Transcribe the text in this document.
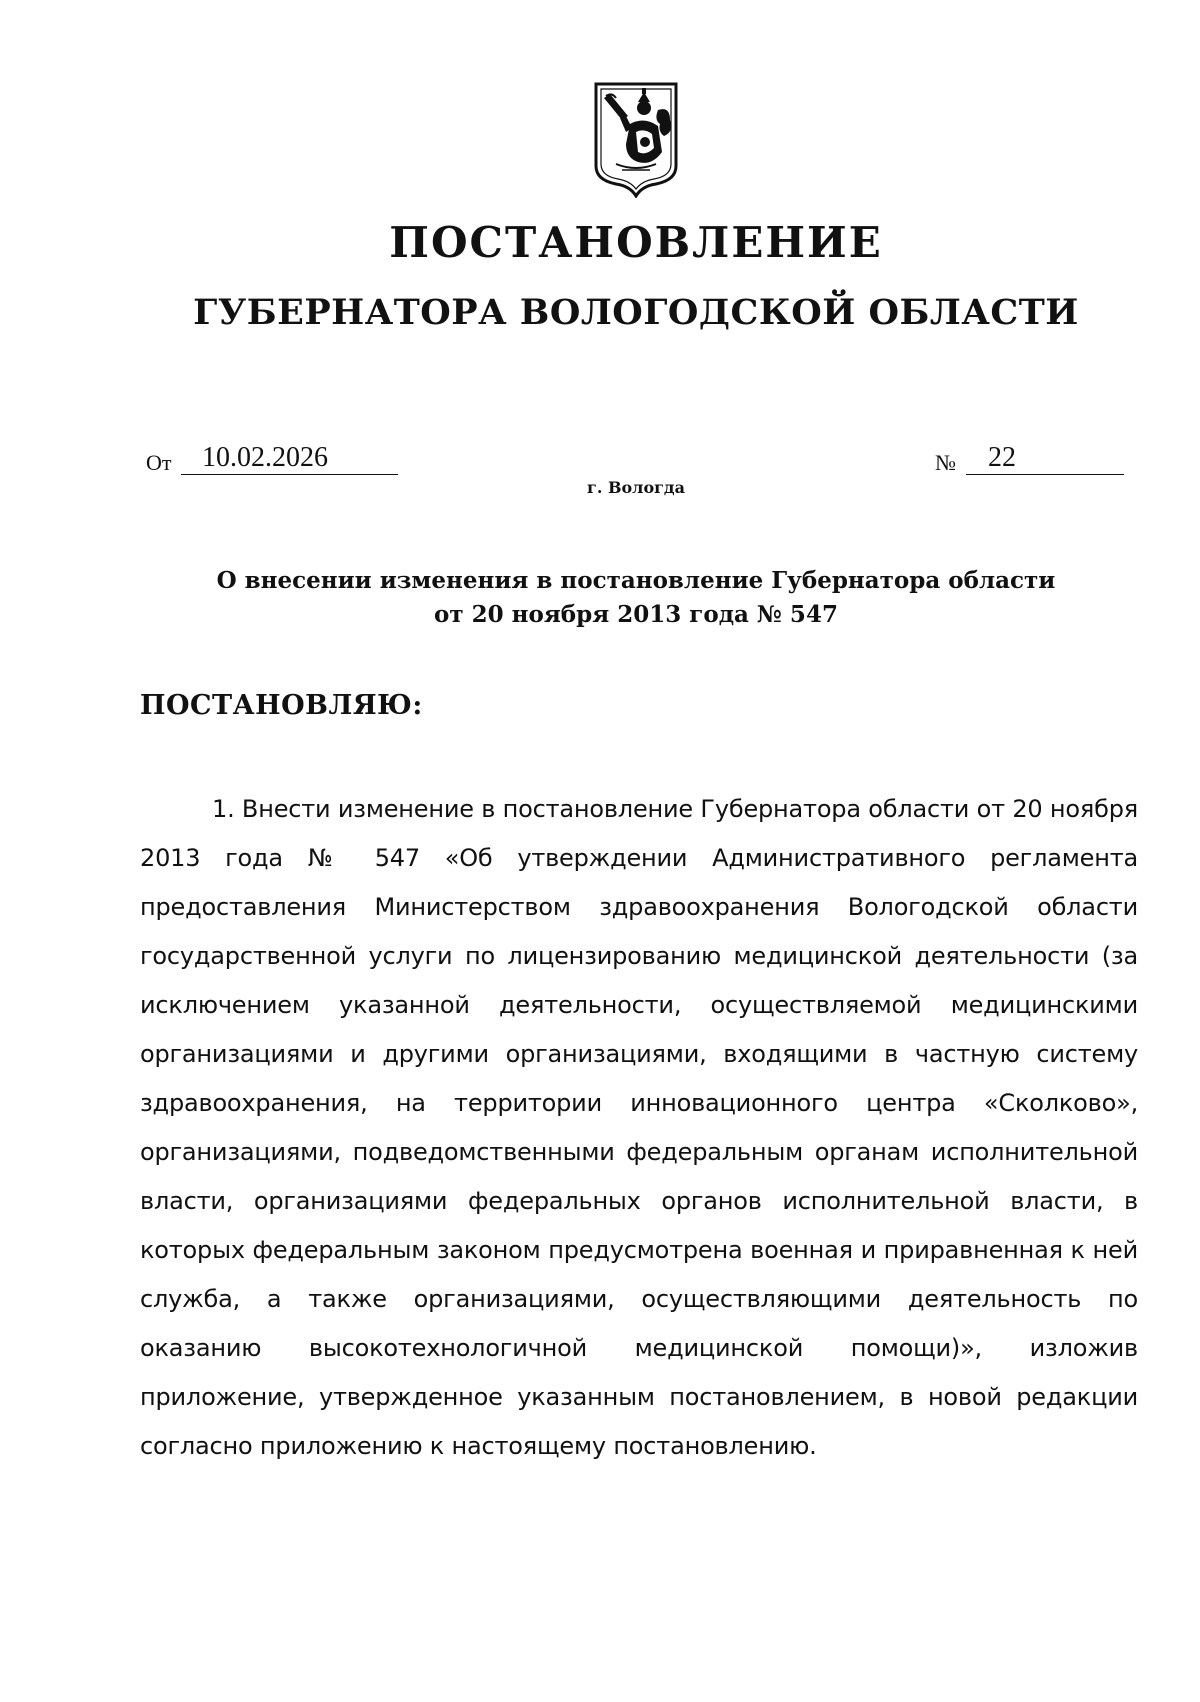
ПОСТАНОВЛЕНИЕ
ГУБЕРНАТОРА ВОЛОГОДСКОЙ ОБЛАСТИ
От 10.02.2026	№ 22
г. Вологда
О внесении изменения в постановление Губернатора области
от 20 ноября 2013 года № 547
ПОСТАНОВЛЯЮ:

1. Внести изменение в постановление Губернатора области от 20 ноября 2013 года № 547 «Об утверждении Административного регламента предоставления Министерством здравоохранения Вологодской области государственной услуги по лицензированию медицинской деятельности (за исключением указанной деятельности, осуществляемой медицинскими организациями и другими организациями, входящими в частную систему здравоохранения, на территории инновационного центра «Сколково», организациями, подведомственными федеральным органам исполнительной власти, организациями федеральных органов исполнительной власти, в которых федеральным законом предусмотрена военная и приравненная к ней служба, а также организациями, осуществляющими деятельность по оказанию высокотехнологичной медицинской помощи)», изложив приложение, утвержденное указанным постановлением, в новой редакции согласно приложению к настоящему постановлению.
